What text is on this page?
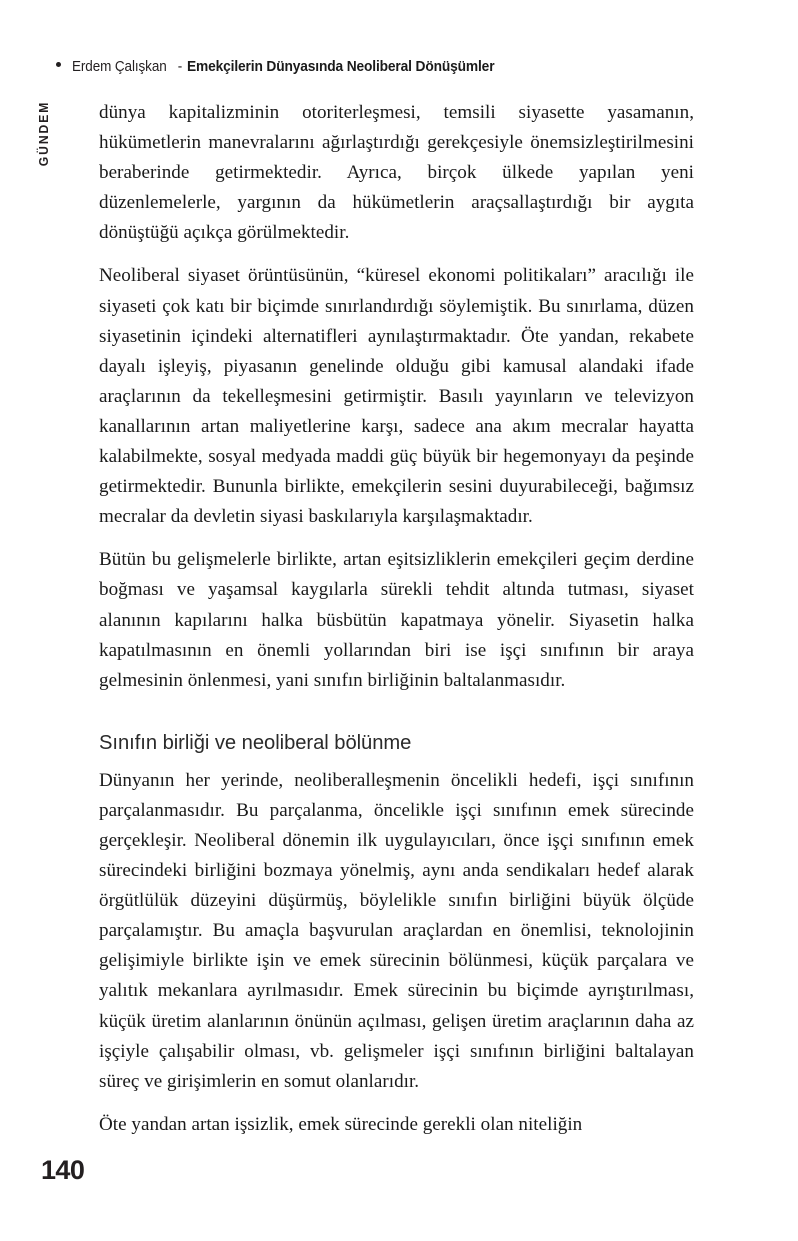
Erdem Çalışkan - Emekçilerin Dünyasında Neoliberal Dönüşümler
GÜNDEM	dünya kapitalizminin otoriterleşmesi, temsili siyasette yasamanın, hükümetlerin manevralarını ağırlaştırdığı gerekçesiyle önemsizleştirilmesini beraberinde getirmektedir. Ayrıca, birçok ülkede yapılan yeni düzenlemelerle, yargının da hükümetlerin araçsallaştırdığı bir aygıta dönüştüğü açıkça görülmektedir.

Neoliberal siyaset örüntüsünün, “küresel ekonomi politikaları” aracılığı ile siyaseti çok katı bir biçimde sınırlandırdığı söylemiştik. Bu sınırlama, düzen siyasetinin içindeki alternatifleri aynılaştırmaktadır. Öte yandan, rekabete dayalı işleyiş, piyasanın genelinde olduğu gibi kamusal alandaki ifade araçlarının da tekelleşmesini getirmiştir. Basılı yayınların ve televizyon kanallarının artan maliyetlerine karşı, sadece ana akım mecralar hayatta kalabilmekte, sosyal medyada maddi güç büyük bir hegemonyayı da peşinde getirmektedir. Bununla birlikte, emekçilerin sesini duyurabileceği, bağımsız mecralar da devletin siyasi baskılarıyla karşılaşmaktadır.

Bütün bu gelişmelerle birlikte, artan eşitsizliklerin emekçileri geçim derdine boğması ve yaşamsal kaygılarla sürekli tehdit altında tutması, siyaset alanının kapılarını halka büsbütün kapatmaya yönelir. Siyasetin halka kapatılmasının en önemli yollarından biri ise işçi sınıfının bir araya gelmesinin önlenmesi, yani sınıfın birliğinin baltalanmasıdır.

Sınıfın birliği ve neoliberal bölünme

Dünyanın her yerinde, neoliberalleşmenin öncelikli hedefi, işçi sınıfının parçalanmasıdır. Bu parçalanma, öncelikle işçi sınıfının emek sürecinde gerçekleşir. Neoliberal dönemin ilk uygulayıcıları, önce işçi sınıfının emek sürecindeki birliğini bozmaya yönelmiş, aynı anda sendikaları hedef alarak örgütlülük düzeyini düşürmüş, böylelikle sınıfın birliğini büyük ölçüde parçalamıştır. Bu amaçla başvurulan araçlardan en önemlisi, teknolojinin gelişimiyle birlikte işin ve emek sürecinin bölünmesi, küçük parçalara ve yalıtık mekanlara ayrılmasıdır. Emek sürecinin bu biçimde ayrıştırılması, küçük üretim alanlarının önünün açılması, gelişen üretim araçlarının daha az işçiyle çalışabilir olması, vb. gelişmeler işçi sınıfının birliğini baltalayan süreç ve girişimlerin en somut olanlarıdır.

Öte yandan artan işsizlik, emek sürecinde gerekli olan niteliğin

140
